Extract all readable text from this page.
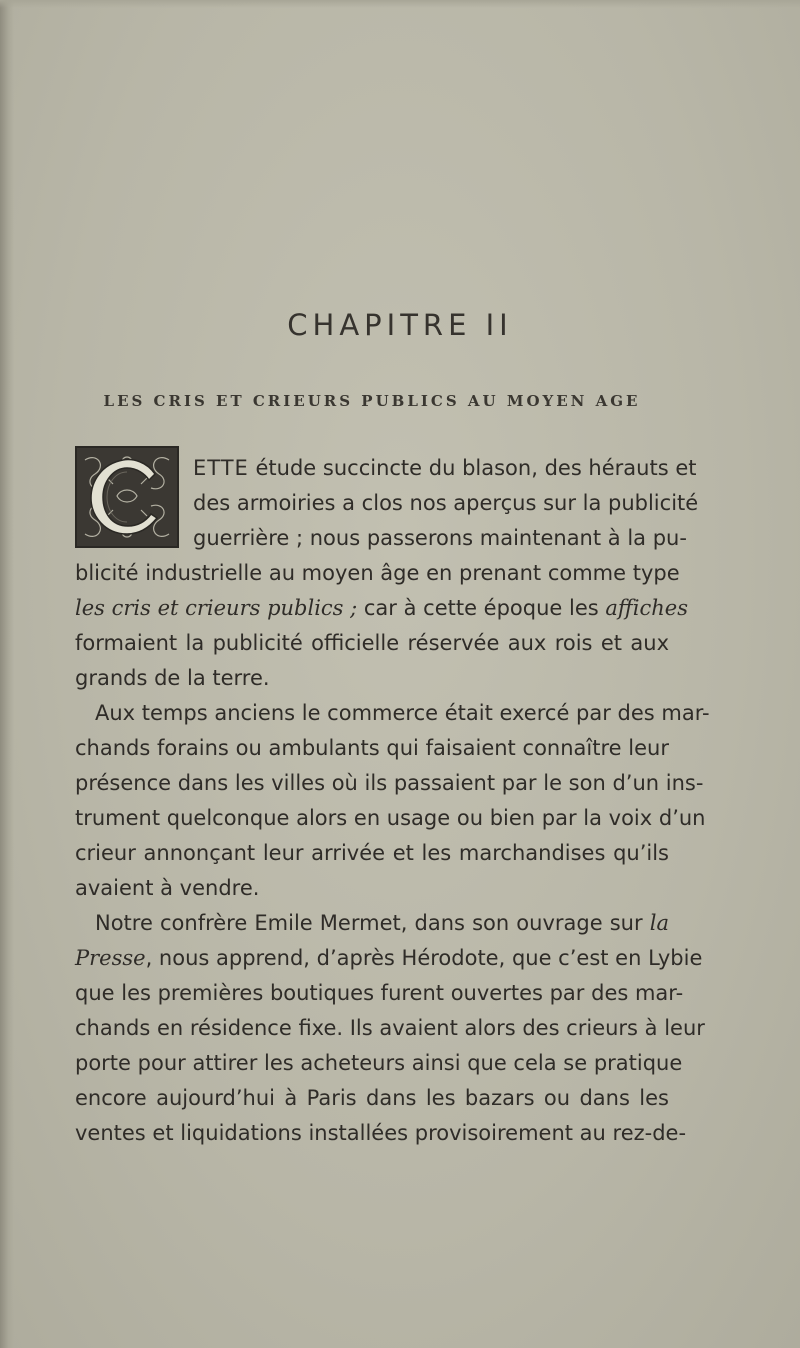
CHAPITRE II
LES CRIS ET CRIEURS PUBLICS AU MOYEN AGE
ETTE étude succincte du blason, des hérauts et
des armoiries a clos nos aperçus sur la publicité
guerrière ; nous passerons maintenant à la pu-
blicité industrielle au moyen âge en prenant comme type
les cris et crieurs publics ; car à cette époque les affiches
formaient la publicité officielle réservée aux rois et aux
grands de la terre.
Aux temps anciens le commerce était exercé par des mar-
chands forains ou ambulants qui faisaient connaître leur
présence dans les villes où ils passaient par le son d’un ins-
trument quelconque alors en usage ou bien par la voix d’un
crieur annonçant leur arrivée et les marchandises qu’ils
avaient à vendre.
Notre confrère Emile Mermet, dans son ouvrage sur la
Presse, nous apprend, d’après Hérodote, que c’est en Lybie
que les premières boutiques furent ouvertes par des mar-
chands en résidence fixe. Ils avaient alors des crieurs à leur
porte pour attirer les acheteurs ainsi que cela se pratique
encore aujourd’hui à Paris dans les bazars ou dans les
ventes et liquidations installées provisoirement au rez-de-
